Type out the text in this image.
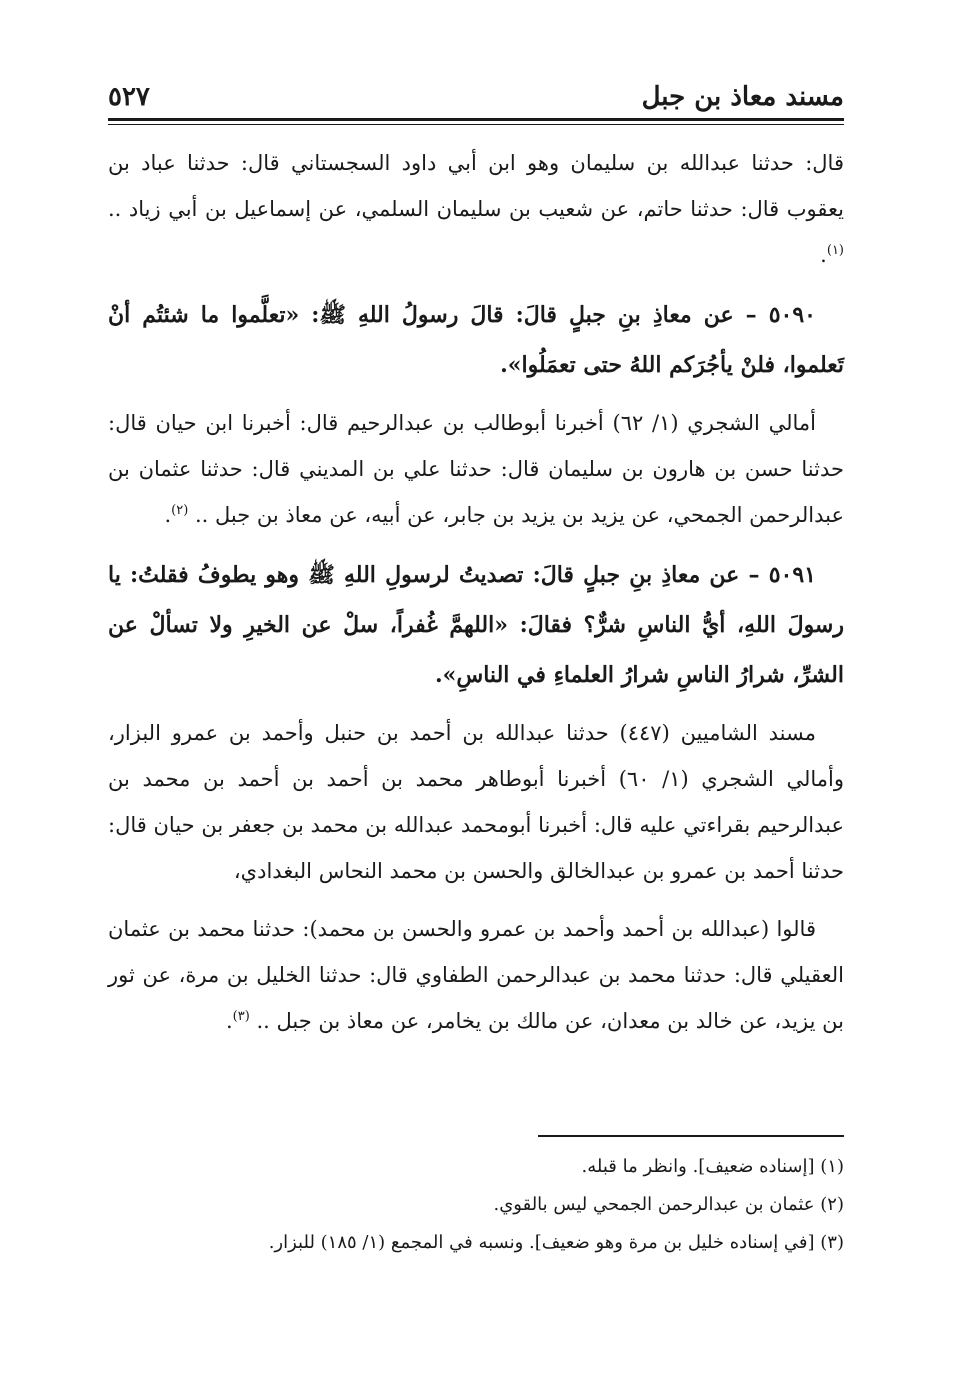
مسند معاذ بن جبل
٥٢٧

قال: حدثنا عبدالله بن سليمان وهو ابن أبي داود السجستاني قال: حدثنا عباد بن يعقوب قال: حدثنا حاتم، عن شعيب بن سليمان السلمي، عن إسماعيل بن أبي زياد .. $^{(١)}$.

٥٠٩٠ – عن معاذِ بنِ جبلٍ قالَ: قالَ رسولُ اللهِ ﷺ: «تعلَّموا ما شئتُم أنْ تَعلموا، فلنْ يأجُرَكم اللهُ حتى تعمَلُوا».

أمالي الشجري (١/ ٦٢) أخبرنا أبوطالب بن عبدالرحيم قال: أخبرنا ابن حيان قال: حدثنا حسن بن هارون بن سليمان قال: حدثنا علي بن المديني قال: حدثنا عثمان بن عبدالرحمن الجمحي، عن يزيد بن يزيد بن جابر، عن أبيه، عن معاذ بن جبل .. $^{(٢)}$.

٥٠٩١ – عن معاذِ بنِ جبلٍ قالَ: تصديتُ لرسولِ اللهِ ﷺ وهو يطوفُ فقلتُ: يا رسولَ اللهِ، أيُّ الناسِ شرٌّ؟ فقالَ: «اللهمَّ غُفراً، سلْ عن الخيرِ ولا تسألْ عن الشرِّ، شرارُ الناسِ شرارُ العلماءِ في الناسِ».

مسند الشاميين (٤٤٧) حدثنا عبدالله بن أحمد بن حنبل وأحمد بن عمرو البزار، وأمالي الشجري (١/ ٦٠) أخبرنا أبوطاهر محمد بن أحمد بن أحمد بن محمد بن عبدالرحيم بقراءتي عليه قال: أخبرنا أبومحمد عبدالله بن محمد بن جعفر بن حيان قال: حدثنا أحمد بن عمرو بن عبدالخالق والحسن بن محمد النحاس البغدادي،

قالوا (عبدالله بن أحمد وأحمد بن عمرو والحسن بن محمد): حدثنا محمد بن عثمان العقيلي قال: حدثنا محمد بن عبدالرحمن الطفاوي قال: حدثنا الخليل بن مرة، عن ثور بن يزيد، عن خالد بن معدان، عن مالك بن يخامر، عن معاذ بن جبل .. $^{(٣)}$.

(١) [إسناده ضعيف]. وانظر ما قبله.

(٢) عثمان بن عبدالرحمن الجمحي ليس بالقوي.

(٣) [في إسناده خليل بن مرة وهو ضعيف]. ونسبه في المجمع (١/ ١٨٥) للبزار.
